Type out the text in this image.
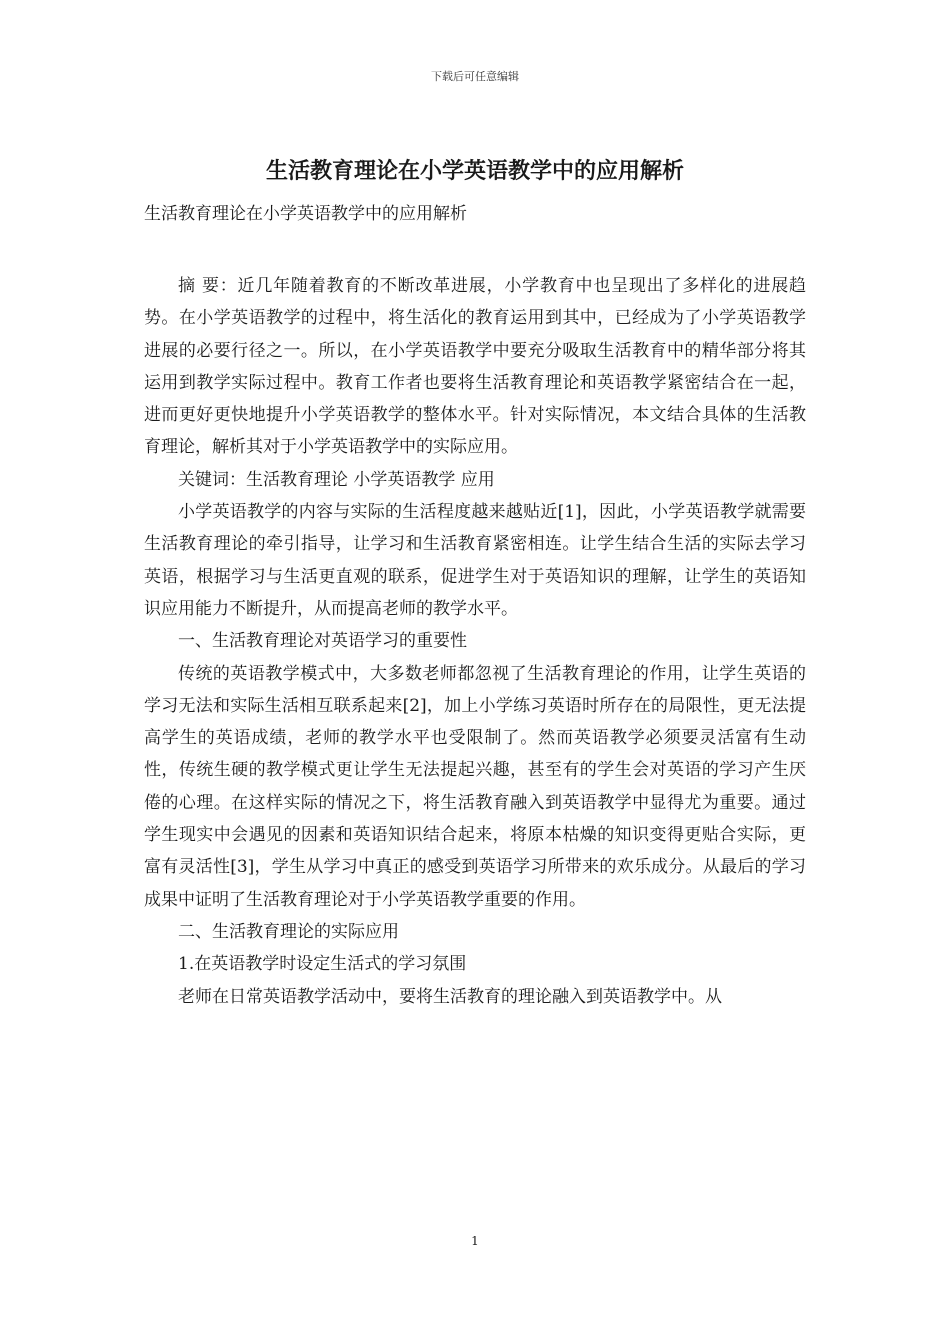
下载后可任意编辑
生活教育理论在小学英语教学中的应用解析

生活教育理论在小学英语教学中的应用解析

摘 要：近几年随着教育的不断改革进展，小学教育中也呈现出了多样化的进展趋势。在小学英语教学的过程中，将生活化的教育运用到其中，已经成为了小学英语教学进展的必要行径之一。所以，在小学英语教学中要充分吸取生活教育中的精华部分将其运用到教学实际过程中。教育工作者也要将生活教育理论和英语教学紧密结合在一起，进而更好更快地提升小学英语教学的整体水平。针对实际情况，本文结合具体的生活教育理论，解析其对于小学英语教学中的实际应用。

关键词：生活教育理论 小学英语教学 应用

小学英语教学的内容与实际的生活程度越来越贴近[1]，因此，小学英语教学就需要生活教育理论的牵引指导，让学习和生活教育紧密相连。让学生结合生活的实际去学习英语，根据学习与生活更直观的联系，促进学生对于英语知识的理解，让学生的英语知识应用能力不断提升，从而提高老师的教学水平。

一、生活教育理论对英语学习的重要性

传统的英语教学模式中，大多数老师都忽视了生活教育理论的作用，让学生英语的学习无法和实际生活相互联系起来[2]，加上小学练习英语时所存在的局限性，更无法提高学生的英语成绩，老师的教学水平也受限制了。然而英语教学必须要灵活富有生动性，传统生硬的教学模式更让学生无法提起兴趣，甚至有的学生会对英语的学习产生厌倦的心理。在这样实际的情况之下，将生活教育融入到英语教学中显得尤为重要。通过学生现实中会遇见的因素和英语知识结合起来，将原本枯燥的知识变得更贴合实际，更富有灵活性[3]，学生从学习中真正的感受到英语学习所带来的欢乐成分。从最后的学习成果中证明了生活教育理论对于小学英语教学重要的作用。

二、生活教育理论的实际应用

1.在英语教学时设定生活式的学习氛围

老师在日常英语教学活动中，要将生活教育的理论融入到英语教学中。从

1
